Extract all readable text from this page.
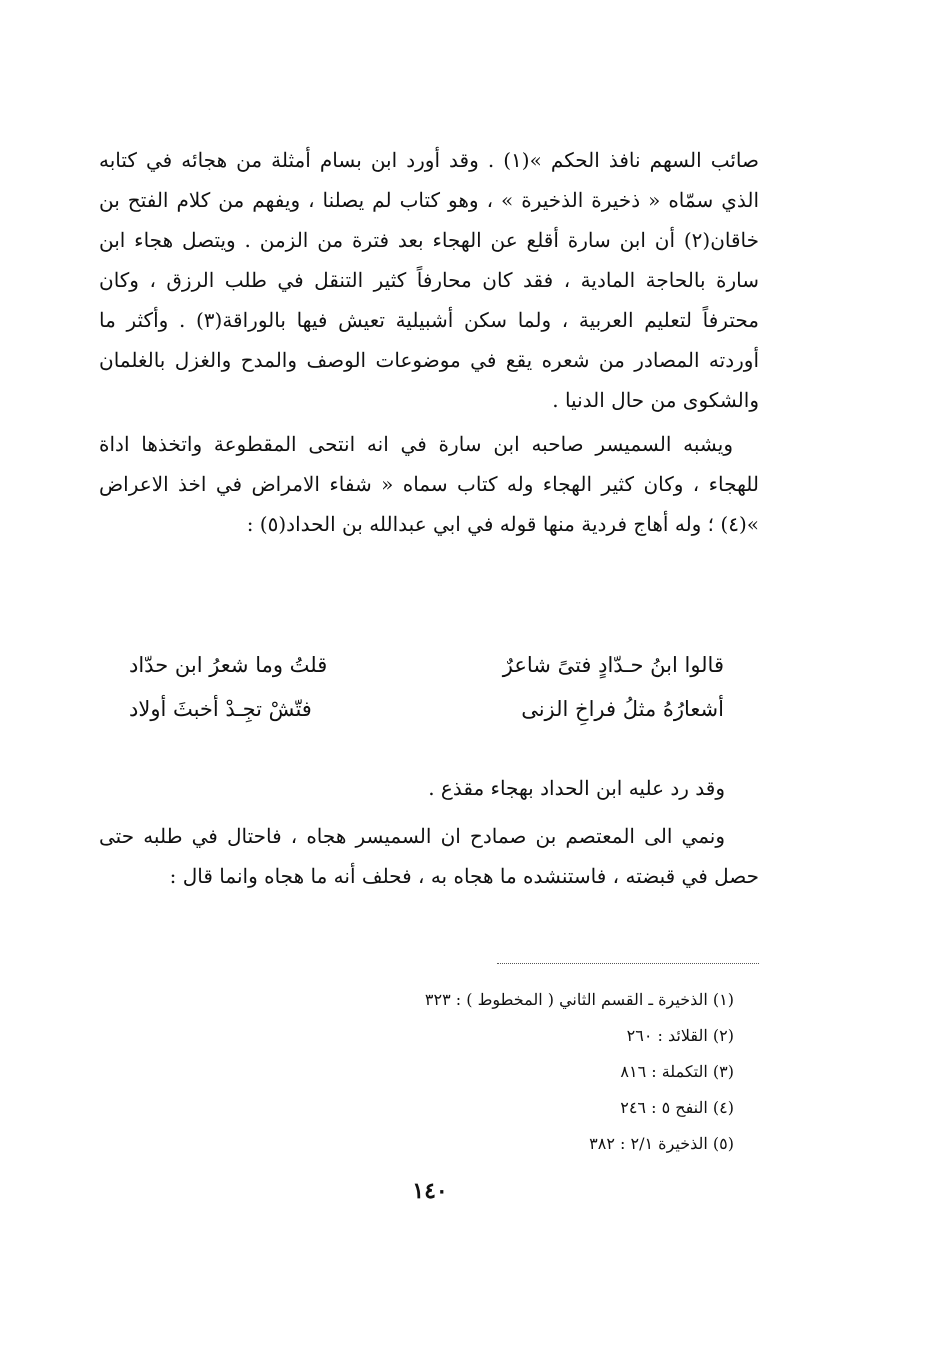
صائب السهم نافذ الحكم »(١) . وقد أورد ابن بسام أمثلة من هجائه في كتابه الذي سمّاه « ذخيرة الذخيرة » ، وهو كتاب لم يصلنا ، ويفهم من كلام الفتح بن خاقان(٢) أن ابن سارة أقلع عن الهجاء بعد فترة من الزمن . ويتصل هجاء ابن سارة بالحاجة المادية ، فقد كان محارفاً كثير التنقل في طلب الرزق ، وكان محترفاً لتعليم العربية ، ولما سكن أشبيلية تعيش فيها بالوراقة(٣) . وأكثر ما أوردته المصادر من شعره يقع في موضوعات الوصف والمدح والغزل بالغلمان والشكوى من حال الدنيا .

ويشبه السميسر صاحبه ابن سارة في انه انتحى المقطوعة واتخذها اداة للهجاء ، وكان كثير الهجاء وله كتاب سماه « شفاء الامراض في اخذ الاعراض »(٤) ؛ وله أهاج فردية منها قوله في ابي عبدالله بن الحداد(٥) :

قالوا ابنُ حـدّادٍ فتىً شاعرٌ
قلتُ وما شعرُ ابن حدّاد
أشعارُهُ مثلُ فراخِ الزنى
فتّشْ تجِـدْ أخبثَ أولاد

وقد رد عليه ابن الحداد بهجاء مقذع .

ونمي الى المعتصم بن صمادح ان السميسر هجاه ، فاحتال في طلبه حتى حصل في قبضته ، فاستنشده ما هجاه به ، فحلف أنه ما هجاه وانما قال :

(١) الذخيرة ـ القسم الثاني ( المخطوط ) : ٣٢٣
(٢) القلائد : ٢٦٠
(٣) التكملة : ٨١٦
(٤) النفح ٥ : ٢٤٦
(٥) الذخيرة ٢/١ : ٣٨٢
١٤٠
